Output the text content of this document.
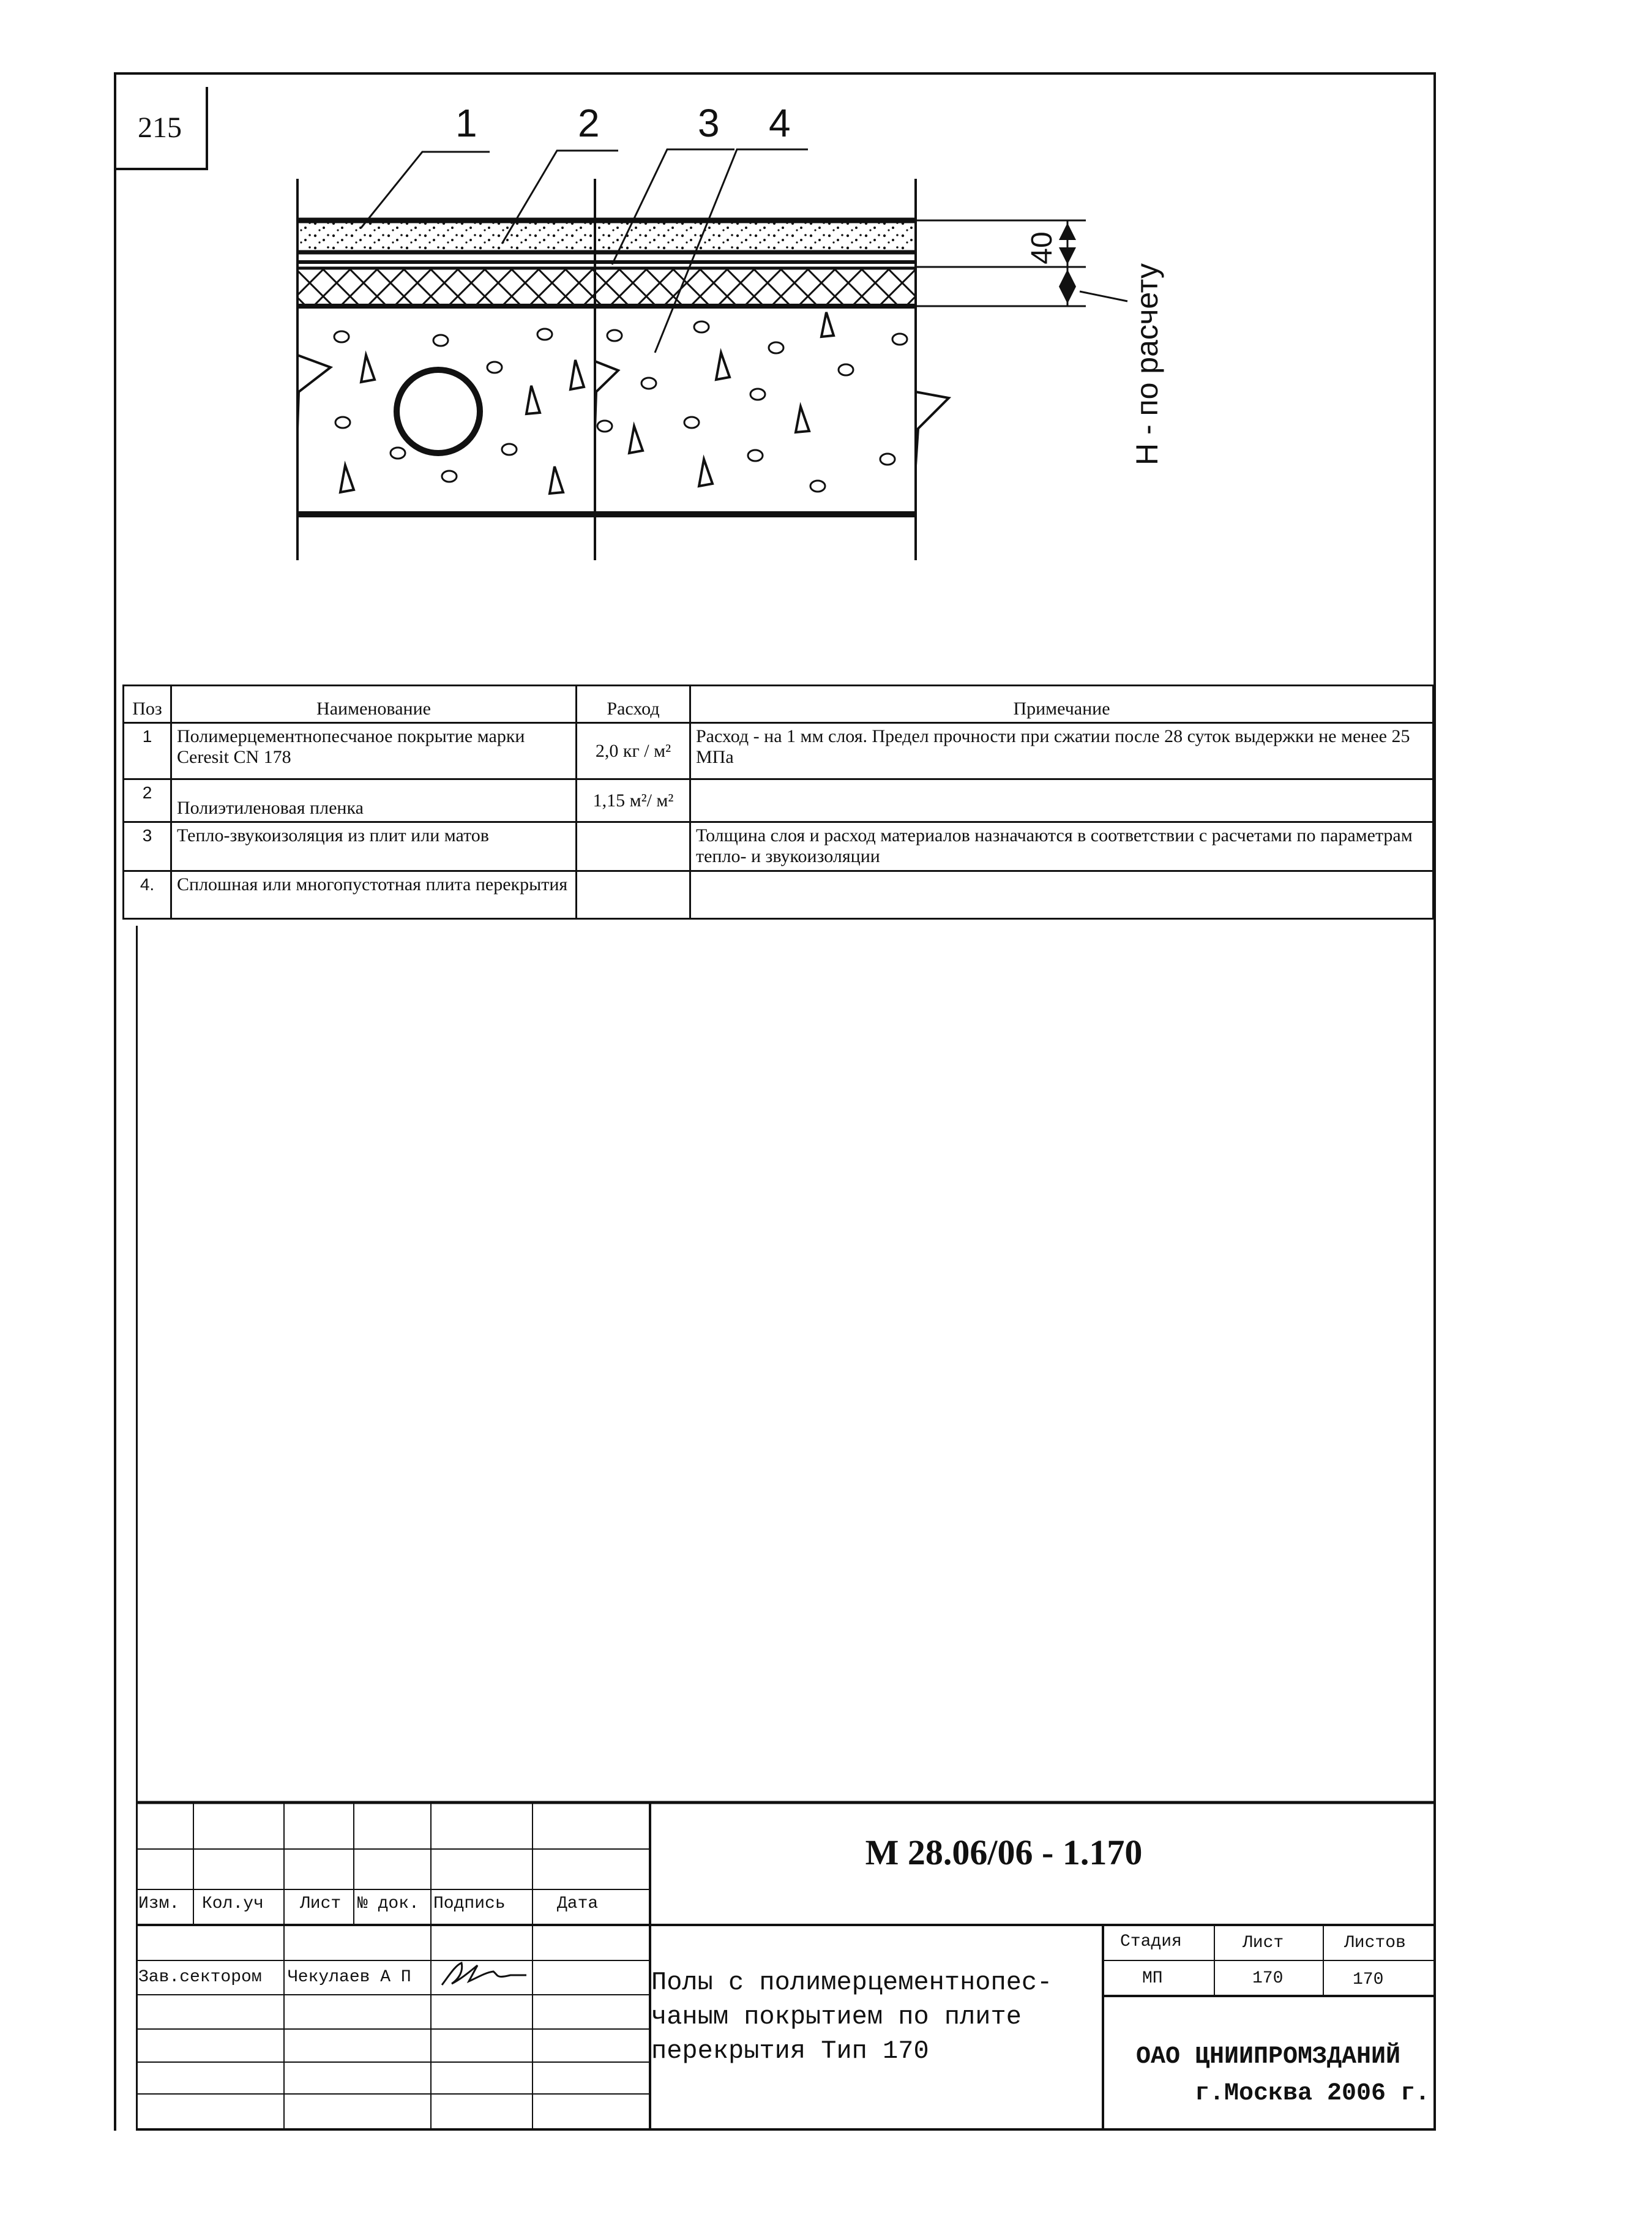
215	1	2	3 4
40
H - по расчету
Поз	Наименование	Расход	Примечание
1	Полимерцементнопесчаное покрытие марки Ceresit CN 178	2,0 кг / м²	Расход - на 1 мм слоя. Предел прочности при сжатии после 28 суток выдержки не менее 25 МПа
2	Полиэтиленовая пленка	1,15 м²/ м²	
3	Тепло-звукоизоляция из плит или матов		Толщина слоя и расход материалов назначаются в соответствии с расчетами по параметрам тепло- и звукоизоляции
4.	Сплошная или многопустотная плита перекрытия		
М 28.06/06 - 1.170
Изм. Кол.уч Лист № док. Подпись	Дата
Зав.сектором Чекулаев А П	Полы с полимерцементнопес-
чаным покрытием по плите
перекрытия Тип 170
Стадия	Лист	Листов
МП	170	170
ОАО ЦНИИПРОМЗДАНИЙ
г.Москва 2006 г.
